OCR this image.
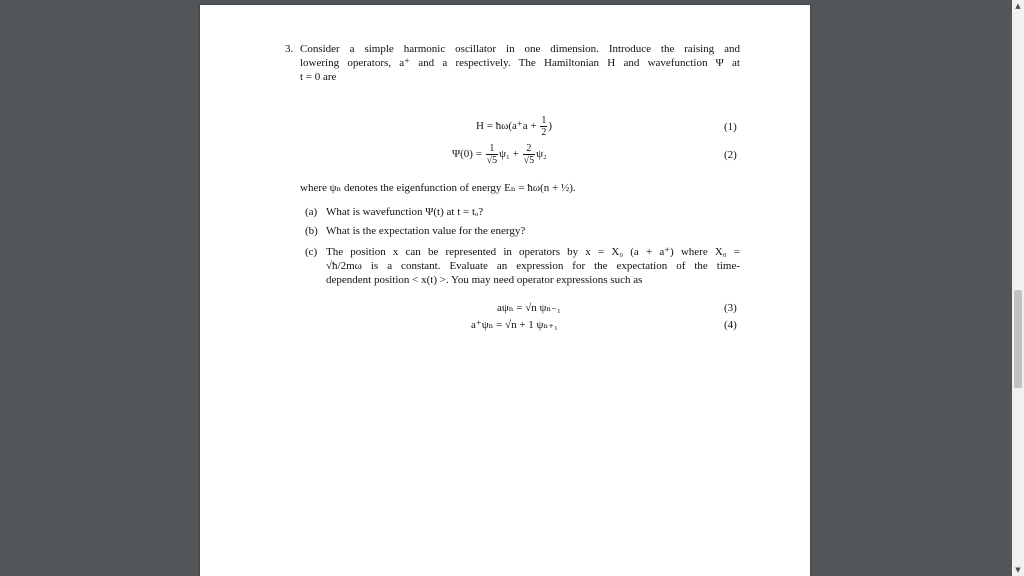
3. Consider a simple harmonic oscillator in one dimension. Introduce the raising and
lowering operators, a⁺ and a respectively. The Hamiltonian H and wavefunction Ψ at
t = 0 are
H = ħω(a⁺a + $\frac{1}{2}$ )	(1)
$\Psi(0) = \frac{1}{√5} \psi_1 + \frac{2}{√5} \psi_2$	(2)
where ψₙ denotes the eigenfunction of energy Eₙ = ħω(n + ½).
(a) What is wavefunction Ψ(t) at t = tₒ?
(b) What is the expectation value for the energy?
(c) The position x can be represented in operators by x = X₀ (a + a⁺) where X₀ =
√ħ/2mω is a constant. Evaluate an expression for the expectation of the time-
dependent position < x(t) >. You may need operator expressions such as
aψₙ = √n ψₙ₋₁	(3)
a⁺ψₙ = √n + 1 ψₙ₊₁	(4)
▲
▼
